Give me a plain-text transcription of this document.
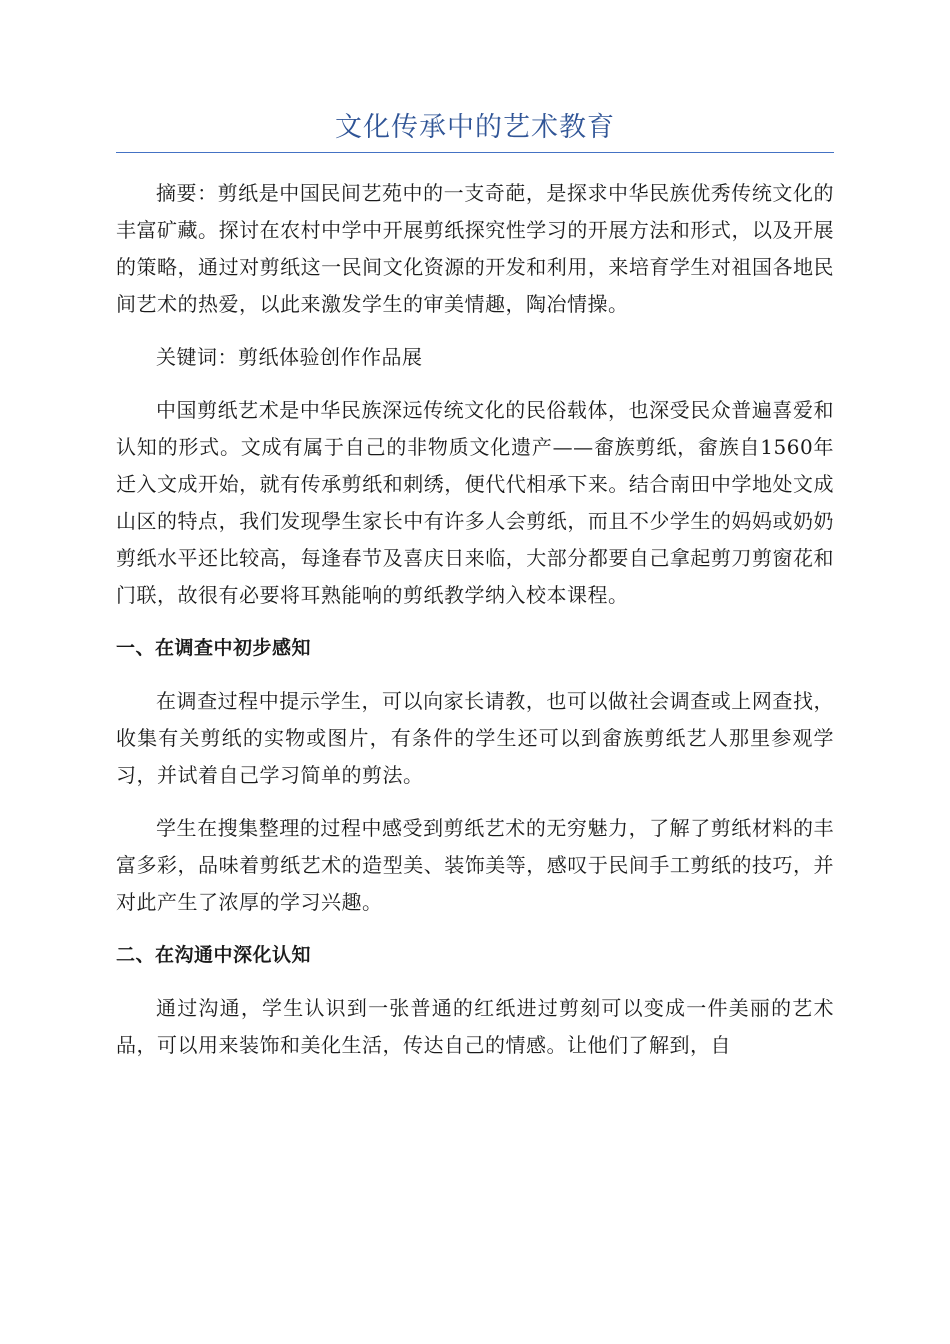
文化传承中的艺术教育

摘要：剪纸是中国民间艺苑中的一支奇葩，是探求中华民族优秀传统文化的丰富矿藏。探讨在农村中学中开展剪纸探究性学习的开展方法和形式，以及开展的策略，通过对剪纸这一民间文化资源的开发和利用，来培育学生对祖国各地民间艺术的热爱，以此来激发学生的审美情趣，陶冶情操。

关键词：剪纸体验创作作品展

中国剪纸艺术是中华民族深远传统文化的民俗载体，也深受民众普遍喜爱和认知的形式。文成有属于自己的非物质文化遗产——畲族剪纸，畲族自1560年迁入文成开始，就有传承剪纸和刺绣，便代代相承下来。结合南田中学地处文成山区的特点，我们发现學生家长中有许多人会剪纸，而且不少学生的妈妈或奶奶剪纸水平还比较高，每逢春节及喜庆日来临，大部分都要自己拿起剪刀剪窗花和门联，故很有必要将耳熟能响的剪纸教学纳入校本课程。

一、在调查中初步感知

在调查过程中提示学生，可以向家长请教，也可以做社会调查或上网查找，收集有关剪纸的实物或图片，有条件的学生还可以到畲族剪纸艺人那里参观学习，并试着自己学习简单的剪法。

学生在搜集整理的过程中感受到剪纸艺术的无穷魅力，了解了剪纸材料的丰富多彩，品味着剪纸艺术的造型美、装饰美等，感叹于民间手工剪纸的技巧，并对此产生了浓厚的学习兴趣。

二、在沟通中深化认知

通过沟通，学生认识到一张普通的红纸进过剪刻可以变成一件美丽的艺术品，可以用来装饰和美化生活，传达自己的情感。让他们了解到，自
